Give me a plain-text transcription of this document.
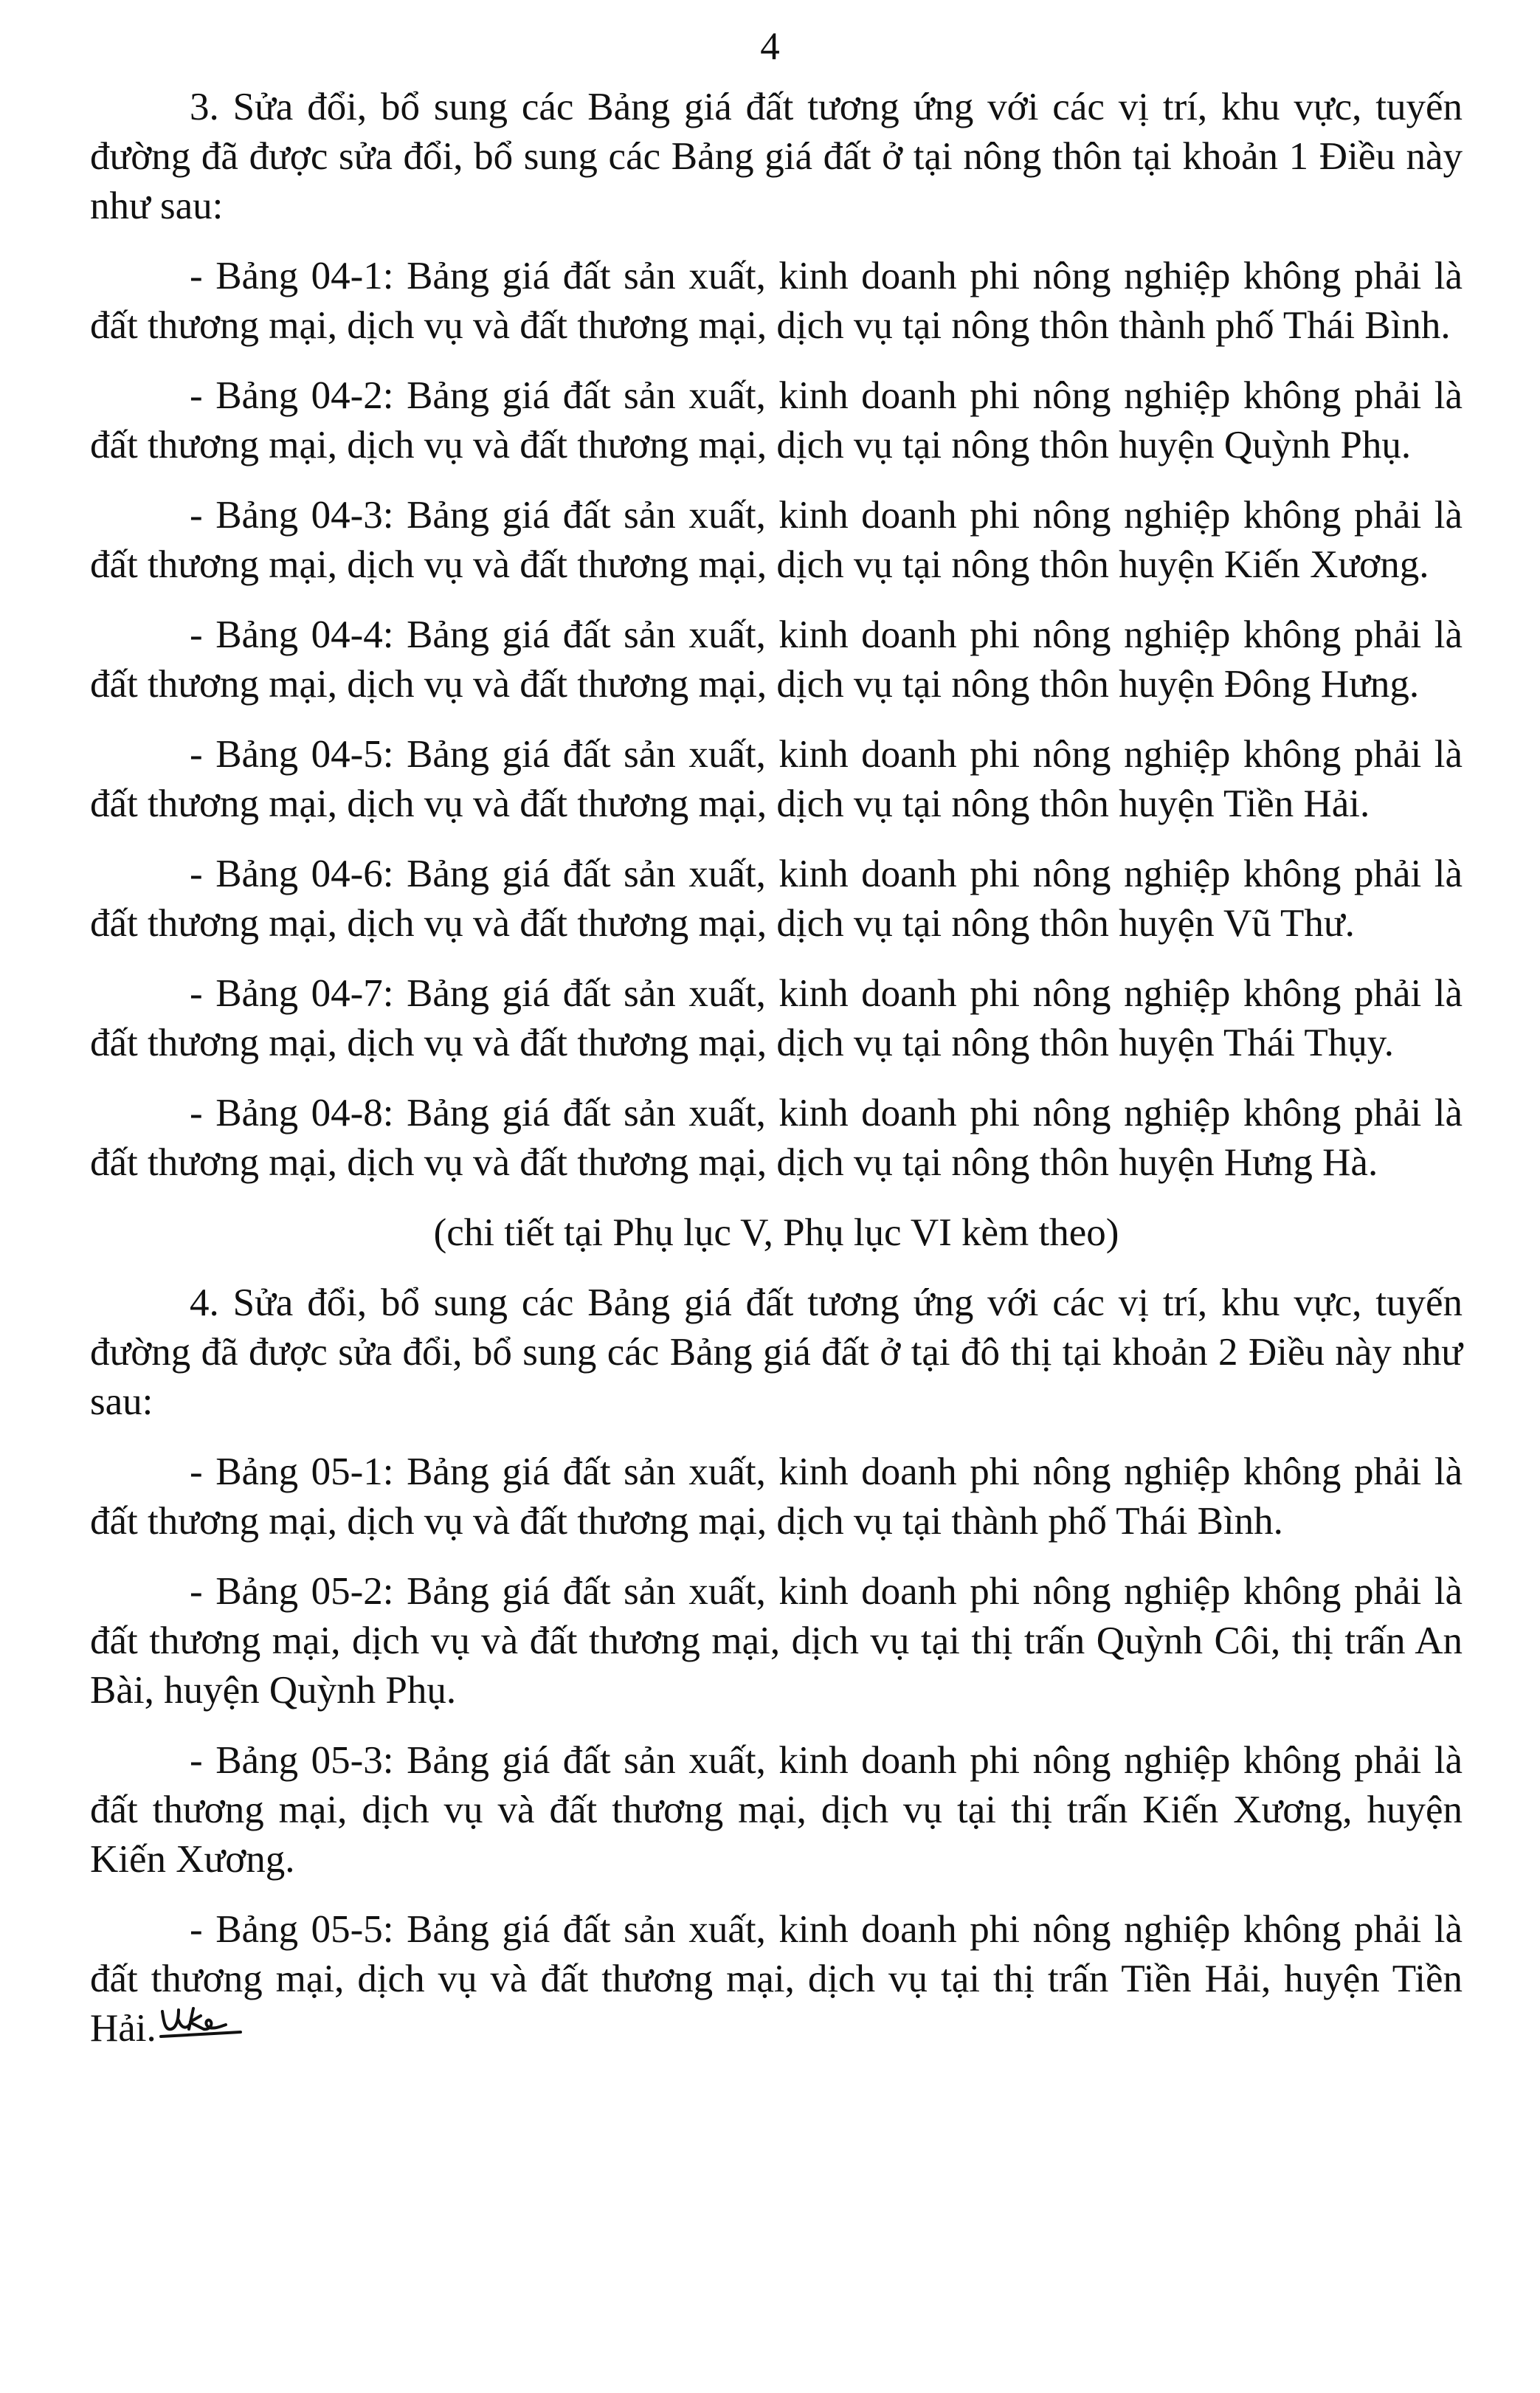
4

3. Sửa đổi, bổ sung các Bảng giá đất tương ứng với các vị trí, khu vực, tuyến đường đã được sửa đổi, bổ sung các Bảng giá đất ở tại nông thôn tại khoản 1 Điều này như sau:

- Bảng 04-1: Bảng giá đất sản xuất, kinh doanh phi nông nghiệp không phải là đất thương mại, dịch vụ và đất thương mại, dịch vụ tại nông thôn thành phố Thái Bình.

- Bảng 04-2: Bảng giá đất sản xuất, kinh doanh phi nông nghiệp không phải là đất thương mại, dịch vụ và đất thương mại, dịch vụ tại nông thôn huyện Quỳnh Phụ.

- Bảng 04-3: Bảng giá đất sản xuất, kinh doanh phi nông nghiệp không phải là đất thương mại, dịch vụ và đất thương mại, dịch vụ tại nông thôn huyện Kiến Xương.

- Bảng 04-4: Bảng giá đất sản xuất, kinh doanh phi nông nghiệp không phải là đất thương mại, dịch vụ và đất thương mại, dịch vụ tại nông thôn huyện Đông Hưng.

- Bảng 04-5: Bảng giá đất sản xuất, kinh doanh phi nông nghiệp không phải là đất thương mại, dịch vụ và đất thương mại, dịch vụ tại nông thôn huyện Tiền Hải.

- Bảng 04-6: Bảng giá đất sản xuất, kinh doanh phi nông nghiệp không phải là đất thương mại, dịch vụ và đất thương mại, dịch vụ tại nông thôn huyện Vũ Thư.

- Bảng 04-7: Bảng giá đất sản xuất, kinh doanh phi nông nghiệp không phải là đất thương mại, dịch vụ và đất thương mại, dịch vụ tại nông thôn huyện Thái Thụy.

- Bảng 04-8: Bảng giá đất sản xuất, kinh doanh phi nông nghiệp không phải là đất thương mại, dịch vụ và đất thương mại, dịch vụ tại nông thôn huyện Hưng Hà.

(chi tiết tại Phụ lục V, Phụ lục VI kèm theo)

4. Sửa đổi, bổ sung các Bảng giá đất tương ứng với các vị trí, khu vực, tuyến đường đã được sửa đổi, bổ sung các Bảng giá đất ở tại đô thị tại khoản 2 Điều này như sau:

- Bảng 05-1: Bảng giá đất sản xuất, kinh doanh phi nông nghiệp không phải là đất thương mại, dịch vụ và đất thương mại, dịch vụ tại thành phố Thái Bình.

- Bảng 05-2: Bảng giá đất sản xuất, kinh doanh phi nông nghiệp không phải là đất thương mại, dịch vụ và đất thương mại, dịch vụ tại thị trấn Quỳnh Côi, thị trấn An Bài, huyện Quỳnh Phụ.

- Bảng 05-3: Bảng giá đất sản xuất, kinh doanh phi nông nghiệp không phải là đất thương mại, dịch vụ và đất thương mại, dịch vụ tại thị trấn Kiến Xương, huyện Kiến Xương.

- Bảng 05-5: Bảng giá đất sản xuất, kinh doanh phi nông nghiệp không phải là đất thương mại, dịch vụ và đất thương mại, dịch vụ tại thị trấn Tiền Hải, huyện Tiền Hải.
